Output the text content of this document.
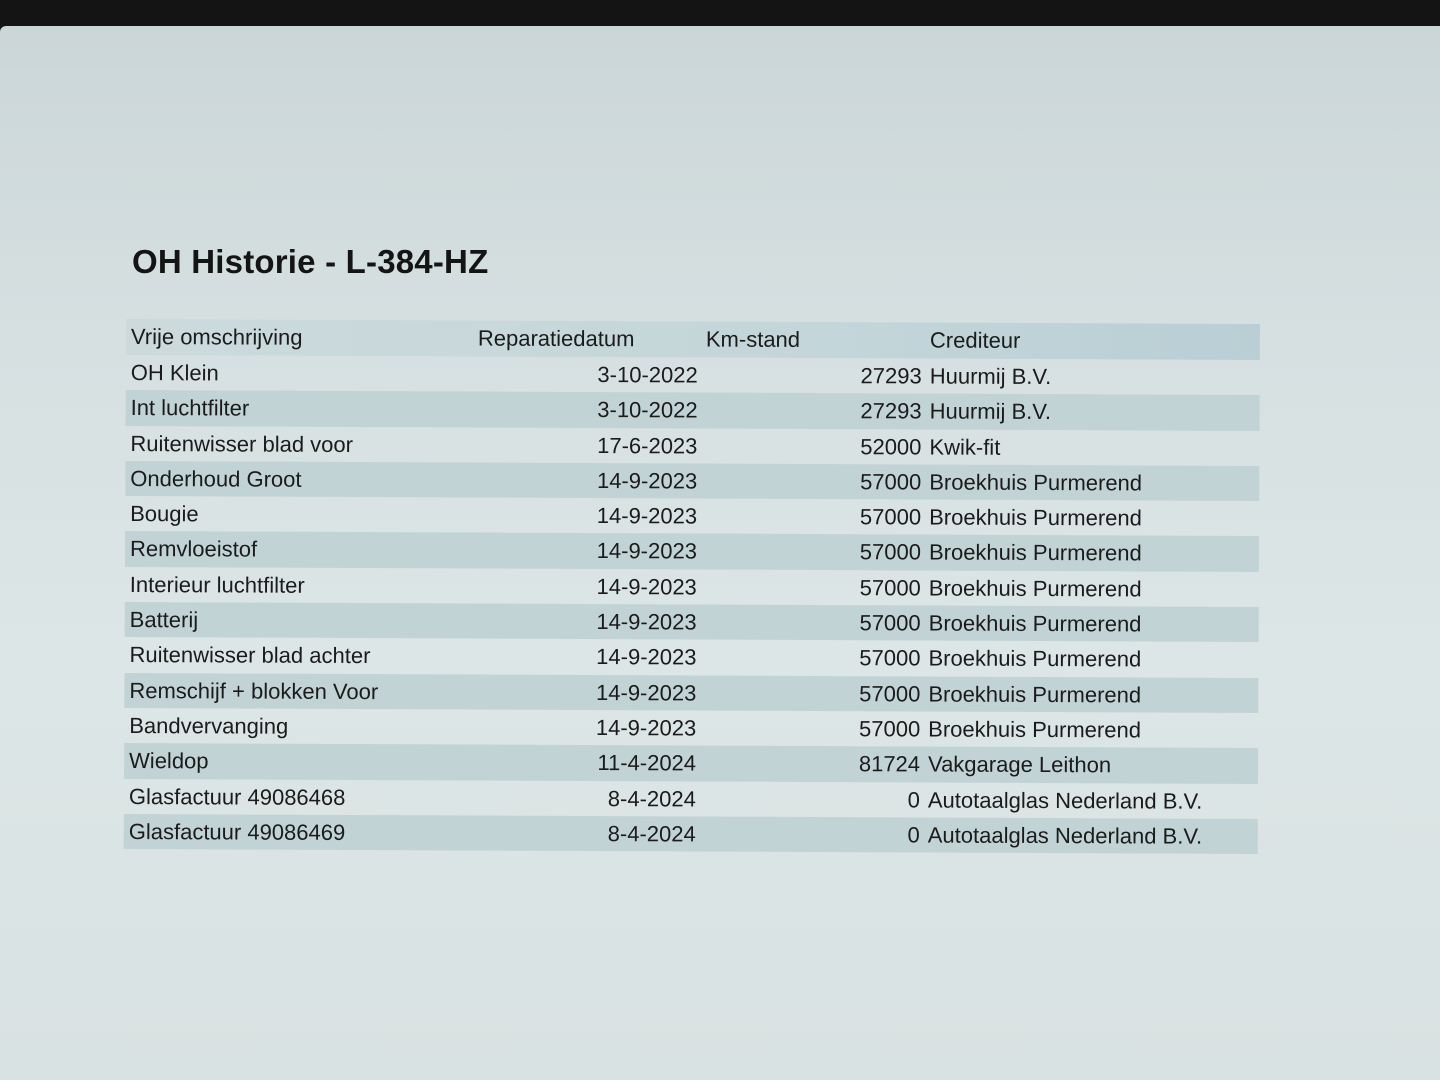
OH Historie - L-384-HZ
Vrije omschrijving	Reparatiedatum	Km-stand	Crediteur
OH Klein	3-10-2022	27293 Huurmij B.V.
Int luchtfilter	3-10-2022	27293 Huurmij B.V.
Ruitenwisser blad voor	17-6-2023	52000 Kwik-fit
Onderhoud Groot	14-9-2023	57000 Broekhuis Purmerend
Bougie	14-9-2023	57000 Broekhuis Purmerend
Remvloeistof	14-9-2023	57000 Broekhuis Purmerend
Interieur luchtfilter	14-9-2023	57000 Broekhuis Purmerend
Batterij	14-9-2023	57000 Broekhuis Purmerend
Ruitenwisser blad achter	14-9-2023	57000 Broekhuis Purmerend
Remschijf + blokken Voor	14-9-2023	57000 Broekhuis Purmerend
Bandvervanging	14-9-2023	57000 Broekhuis Purmerend
Wieldop	11-4-2024	81724 Vakgarage Leithon
Glasfactuur 49086468	8-4-2024	0 Autotaalglas Nederland B.V.
Glasfactuur 49086469	8-4-2024	0 Autotaalglas Nederland B.V.
